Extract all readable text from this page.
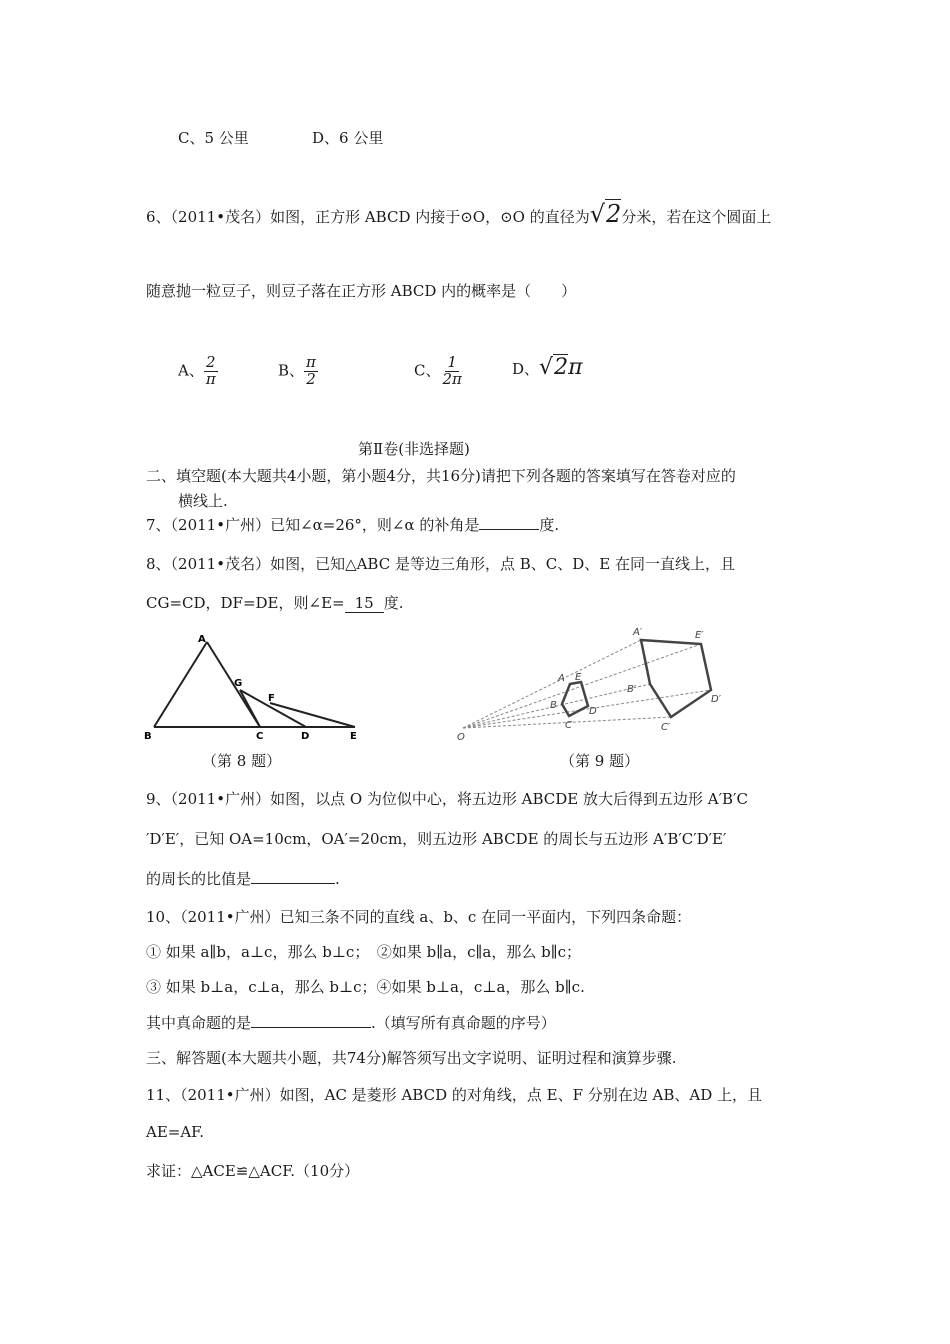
C、5 公里	D、6 公里
6、（2011•茂名）如图，正方形 ABCD 内接于⊙O，⊙O 的直径为√2分米，若在这个圆面上
随意抛一粒豆子，则豆子落在正方形 ABCD 内的概率是（　　）
A、 $\frac{2}{\pi}$	B、 $\frac{\pi}{2}$	C、 $\frac{1}{2\pi}$	D、√2π
第Ⅱ卷(非选择题)
二、填空题(本大题共4小题，第小题4分，共16分)请把下列各题的答案填写在答卷对应的
横线上.
7、（2011•广州）已知∠α=26°，则∠α 的补角是	度.
8、（2011•茂名）如图，已知△ABC 是等边三角形，点 B、C、D、E 在同一直线上，且
CG=CD，DF=DE，则∠E= 15 度.
A
B	C	D	E
F
G
（第 8 题）
O
A
B
C
D
E
A′
B′
C′
D′
E′
（第 9 题）
9、（2011•广州）如图，以点 O 为位似中心，将五边形 ABCDE 放大后得到五边形 A′B′C
′D′E′，已知 OA=10cm，OA′=20cm，则五边形 ABCDE 的周长与五边形 A′B′C′D′E′
的周长的比值是	.
10、（2011•广州）已知三条不同的直线 a、b、c 在同一平面内，下列四条命题：
① 如果 a∥b，a⊥c，那么 b⊥c；　②如果 b∥a，c∥a，那么 b∥c；
③ 如果 b⊥a，c⊥a，那么 b⊥c；④如果 b⊥a，c⊥a，那么 b∥c.
其中真命题的是	.（填写所有真命题的序号）
三、解答题(本大题共小题，共74分)解答须写出文字说明、证明过程和演算步骤.
11、（2011•广州）如图，AC 是菱形 ABCD 的对角线，点 E、F 分别在边 AB、AD 上，且
AE=AF.
求证：△ACE≌△ACF.（10分）
